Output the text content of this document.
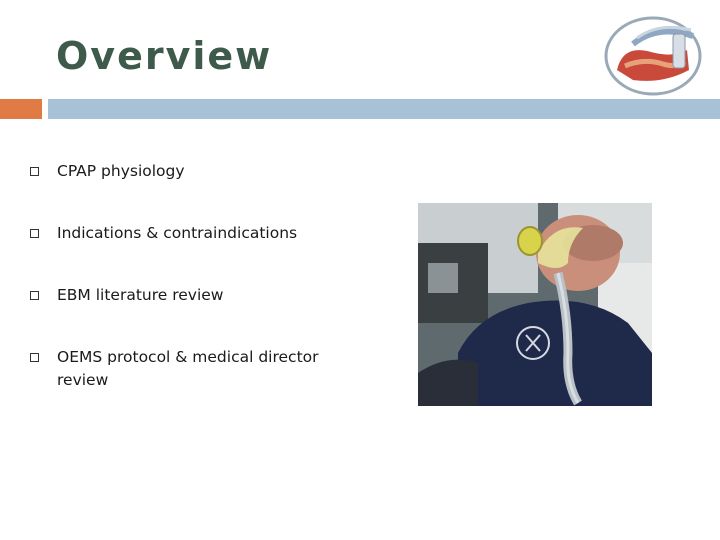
Overview
CPAP physiology
Indications & contraindications
EBM literature review
OEMS protocol & medical director review
